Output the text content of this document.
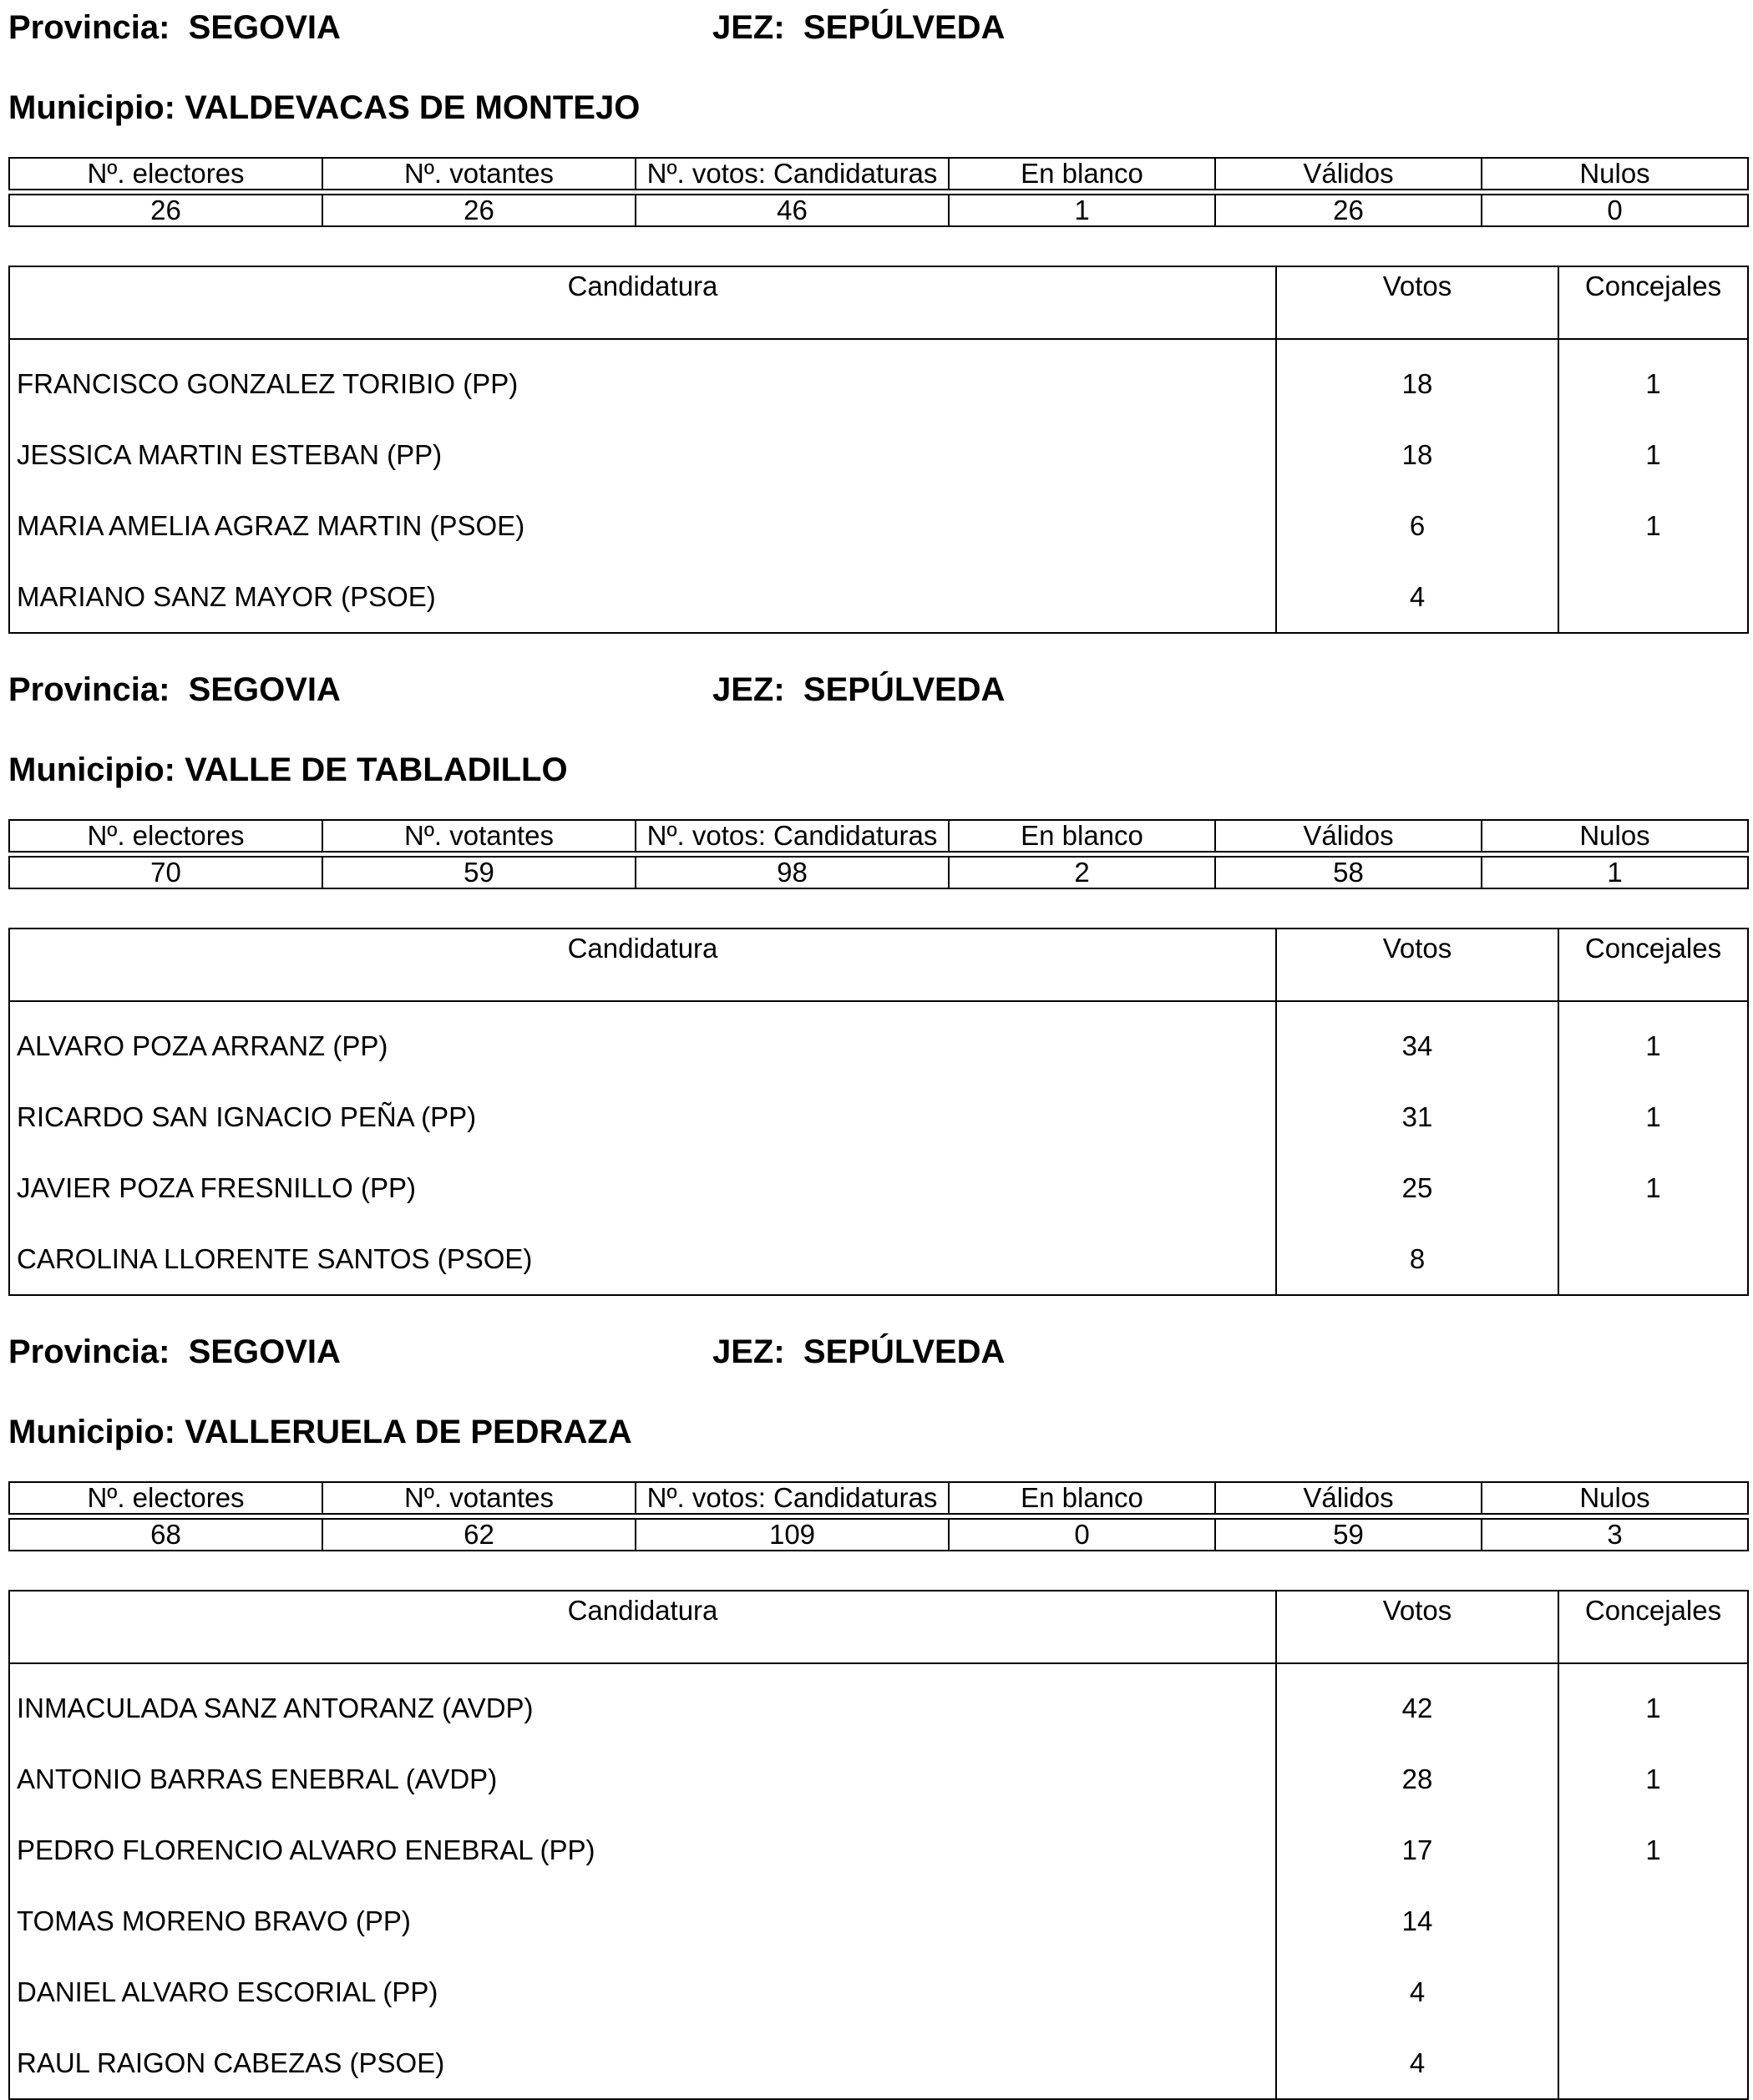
Provincia: SEGOVIA	JEZ: SEPÚLVEDA
Municipio: VALDEVACAS DE MONTEJO
Nº. electores	Nº. votantes	Nº. votos: Candidaturas	En blanco	Válidos	Nulos

26	26	46	1	26	0
Candidatura	Votos	Concejales
FRANCISCO GONZALEZ TORIBIO (PP)	18	1
JESSICA MARTIN ESTEBAN (PP)	18	1
MARIA AMELIA AGRAZ MARTIN (PSOE)	6	1
MARIANO SANZ MAYOR (PSOE)	4	
Provincia: SEGOVIA	JEZ: SEPÚLVEDA
Municipio: VALLE DE TABLADILLO
Nº. electores	Nº. votantes	Nº. votos: Candidaturas	En blanco	Válidos	Nulos

70	59	98	2	58	1
Candidatura	Votos	Concejales
ALVARO POZA ARRANZ (PP)	34	1
RICARDO SAN IGNACIO PEÑA (PP)	31	1
JAVIER POZA FRESNILLO (PP)	25	1
CAROLINA LLORENTE SANTOS (PSOE)	8	
Provincia: SEGOVIA	JEZ: SEPÚLVEDA
Municipio: VALLERUELA DE PEDRAZA
Nº. electores	Nº. votantes	Nº. votos: Candidaturas	En blanco	Válidos	Nulos

68	62	109	0	59	3
Candidatura	Votos	Concejales
INMACULADA SANZ ANTORANZ (AVDP)	42	1
ANTONIO BARRAS ENEBRAL (AVDP)	28	1
PEDRO FLORENCIO ALVARO ENEBRAL (PP)	17	1
TOMAS MORENO BRAVO (PP)	14	
DANIEL ALVARO ESCORIAL (PP)	4	
RAUL RAIGON CABEZAS (PSOE)	4	
